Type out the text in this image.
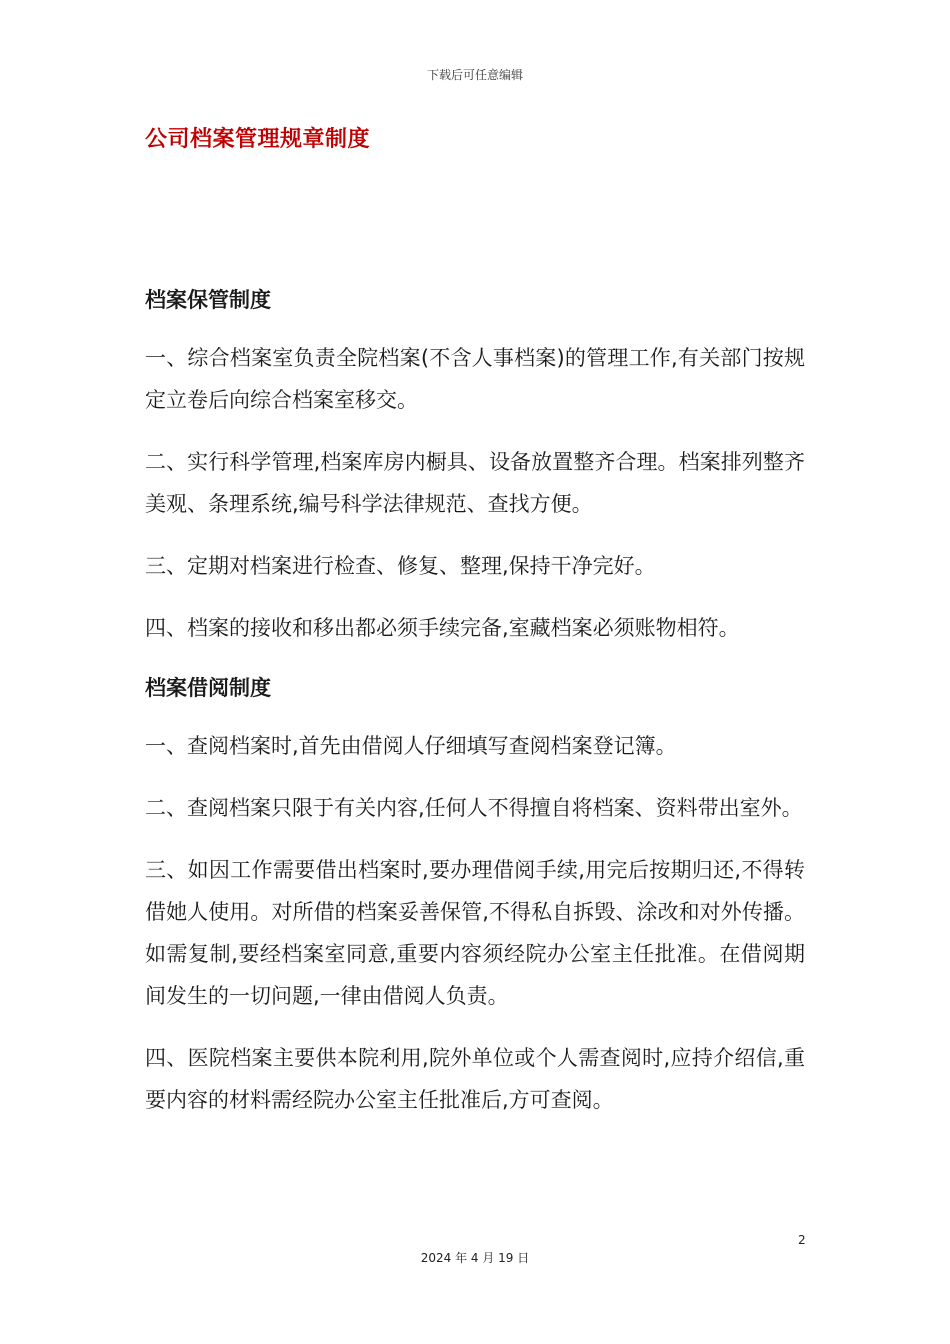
下载后可任意编辑
公司档案管理规章制度
档案保管制度

一、综合档案室负责全院档案(不含人事档案)的管理工作,有关部门按规定立卷后向综合档案室移交。

二、实行科学管理,档案库房内橱具、设备放置整齐合理。档案排列整齐美观、条理系统,编号科学法律规范、查找方便。

三、定期对档案进行检查、修复、整理,保持干净完好。

四、档案的接收和移出都必须手续完备,室藏档案必须账物相符。

档案借阅制度

一、查阅档案时,首先由借阅人仔细填写查阅档案登记簿。

二、查阅档案只限于有关内容,任何人不得擅自将档案、资料带出室外。

三、如因工作需要借出档案时,要办理借阅手续,用完后按期归还,不得转借她人使用。对所借的档案妥善保管,不得私自拆毁、涂改和对外传播。如需复制,要经档案室同意,重要内容须经院办公室主任批准。在借阅期间发生的一切问题,一律由借阅人负责。

四、医院档案主要供本院利用,院外单位或个人需查阅时,应持介绍信,重要内容的材料需经院办公室主任批准后,方可查阅。

2
2024 年 4 月 19 日
